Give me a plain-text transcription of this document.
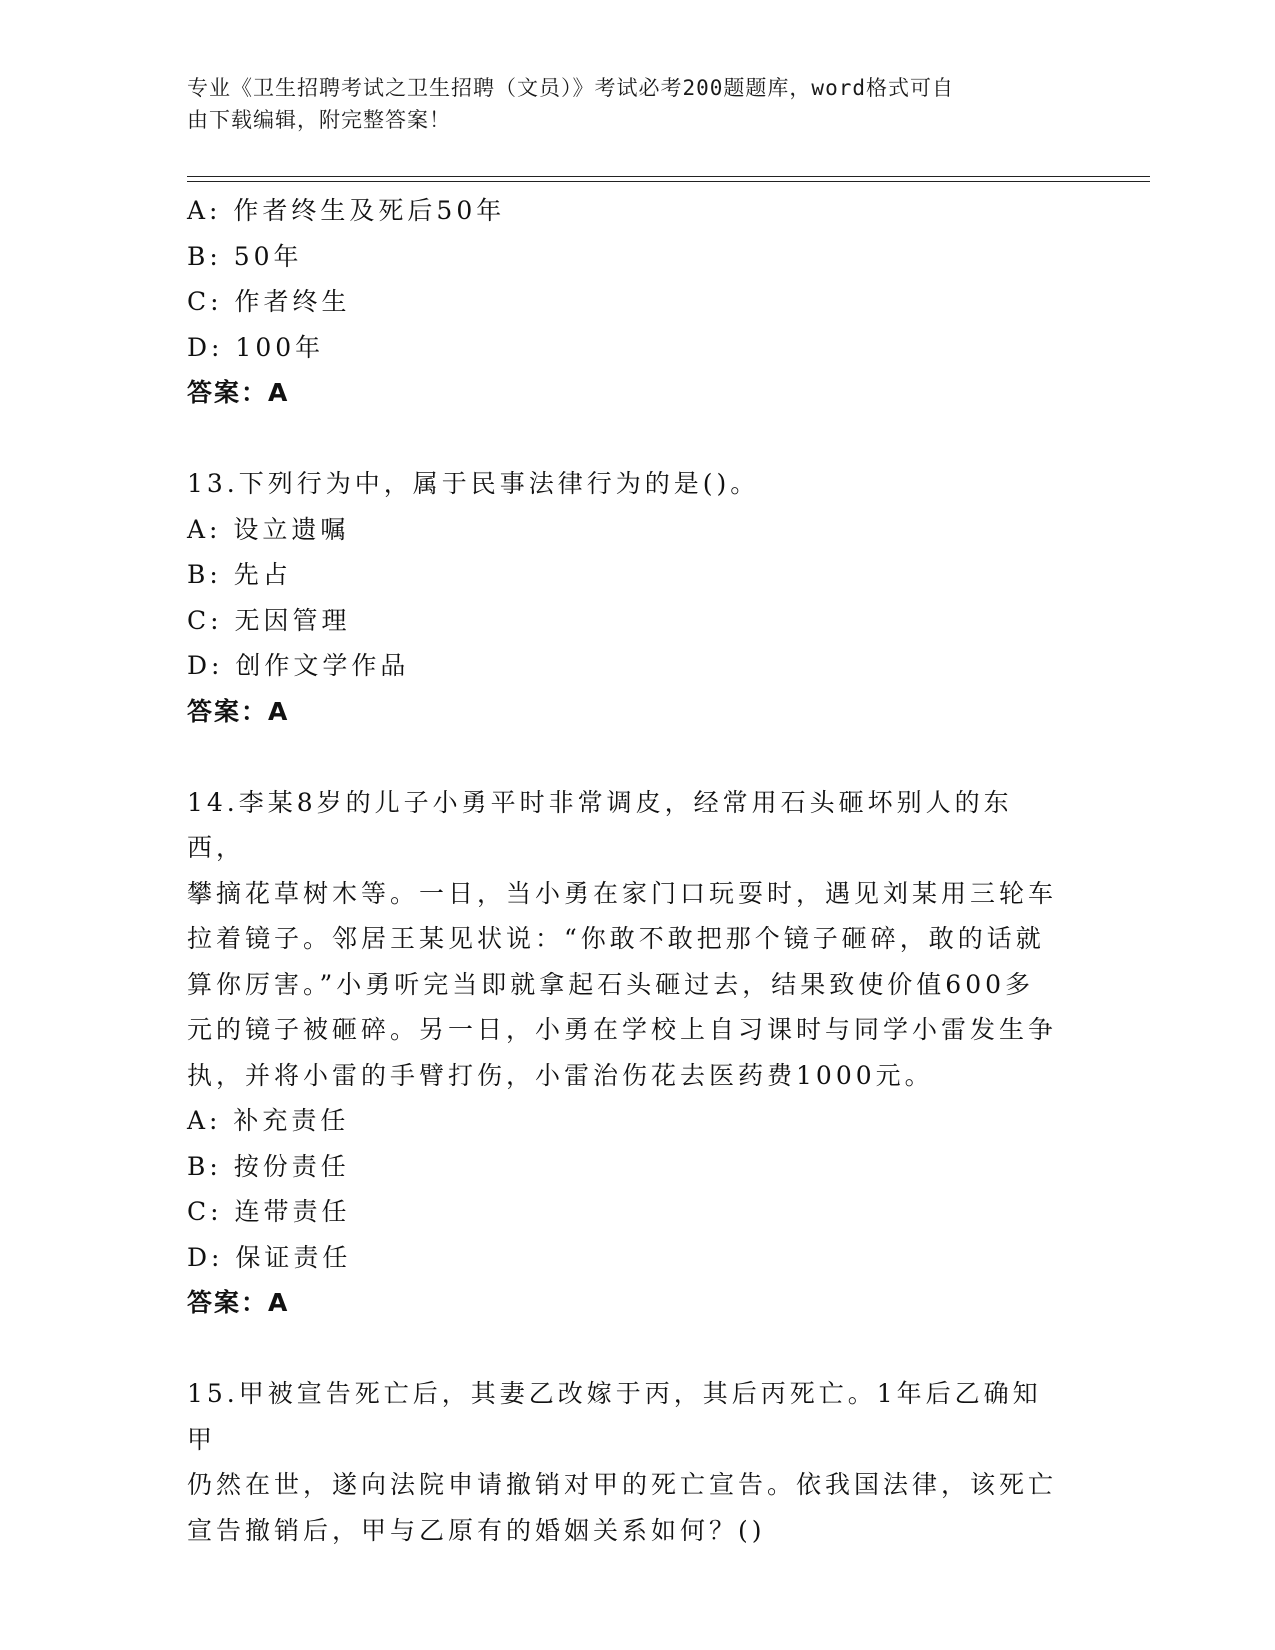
专业《卫生招聘考试之卫生招聘（文员）》考试必考200题题库，word格式可自
由下载编辑，附完整答案！
A: 作者终生及死后50年
B: 50年
C: 作者终生
D: 100年
答案：A
13.下列行为中，属于民事法律行为的是()。
A: 设立遗嘱
B: 先占
C: 无因管理
D: 创作文学作品
答案：A
14.李某8岁的儿子小勇平时非常调皮，经常用石头砸坏别人的东西，
攀摘花草树木等。一日，当小勇在家门口玩耍时，遇见刘某用三轮车
拉着镜子。邻居王某见状说：“你敢不敢把那个镜子砸碎，敢的话就
算你厉害。”小勇听完当即就拿起石头砸过去，结果致使价值600多
元的镜子被砸碎。另一日，小勇在学校上自习课时与同学小雷发生争
执，并将小雷的手臂打伤，小雷治伤花去医药费1000元。
A: 补充责任
B: 按份责任
C: 连带责任
D: 保证责任
答案：A
15.甲被宣告死亡后，其妻乙改嫁于丙，其后丙死亡。1年后乙确知甲
仍然在世，遂向法院申请撤销对甲的死亡宣告。依我国法律，该死亡
宣告撤销后，甲与乙原有的婚姻关系如何？()
